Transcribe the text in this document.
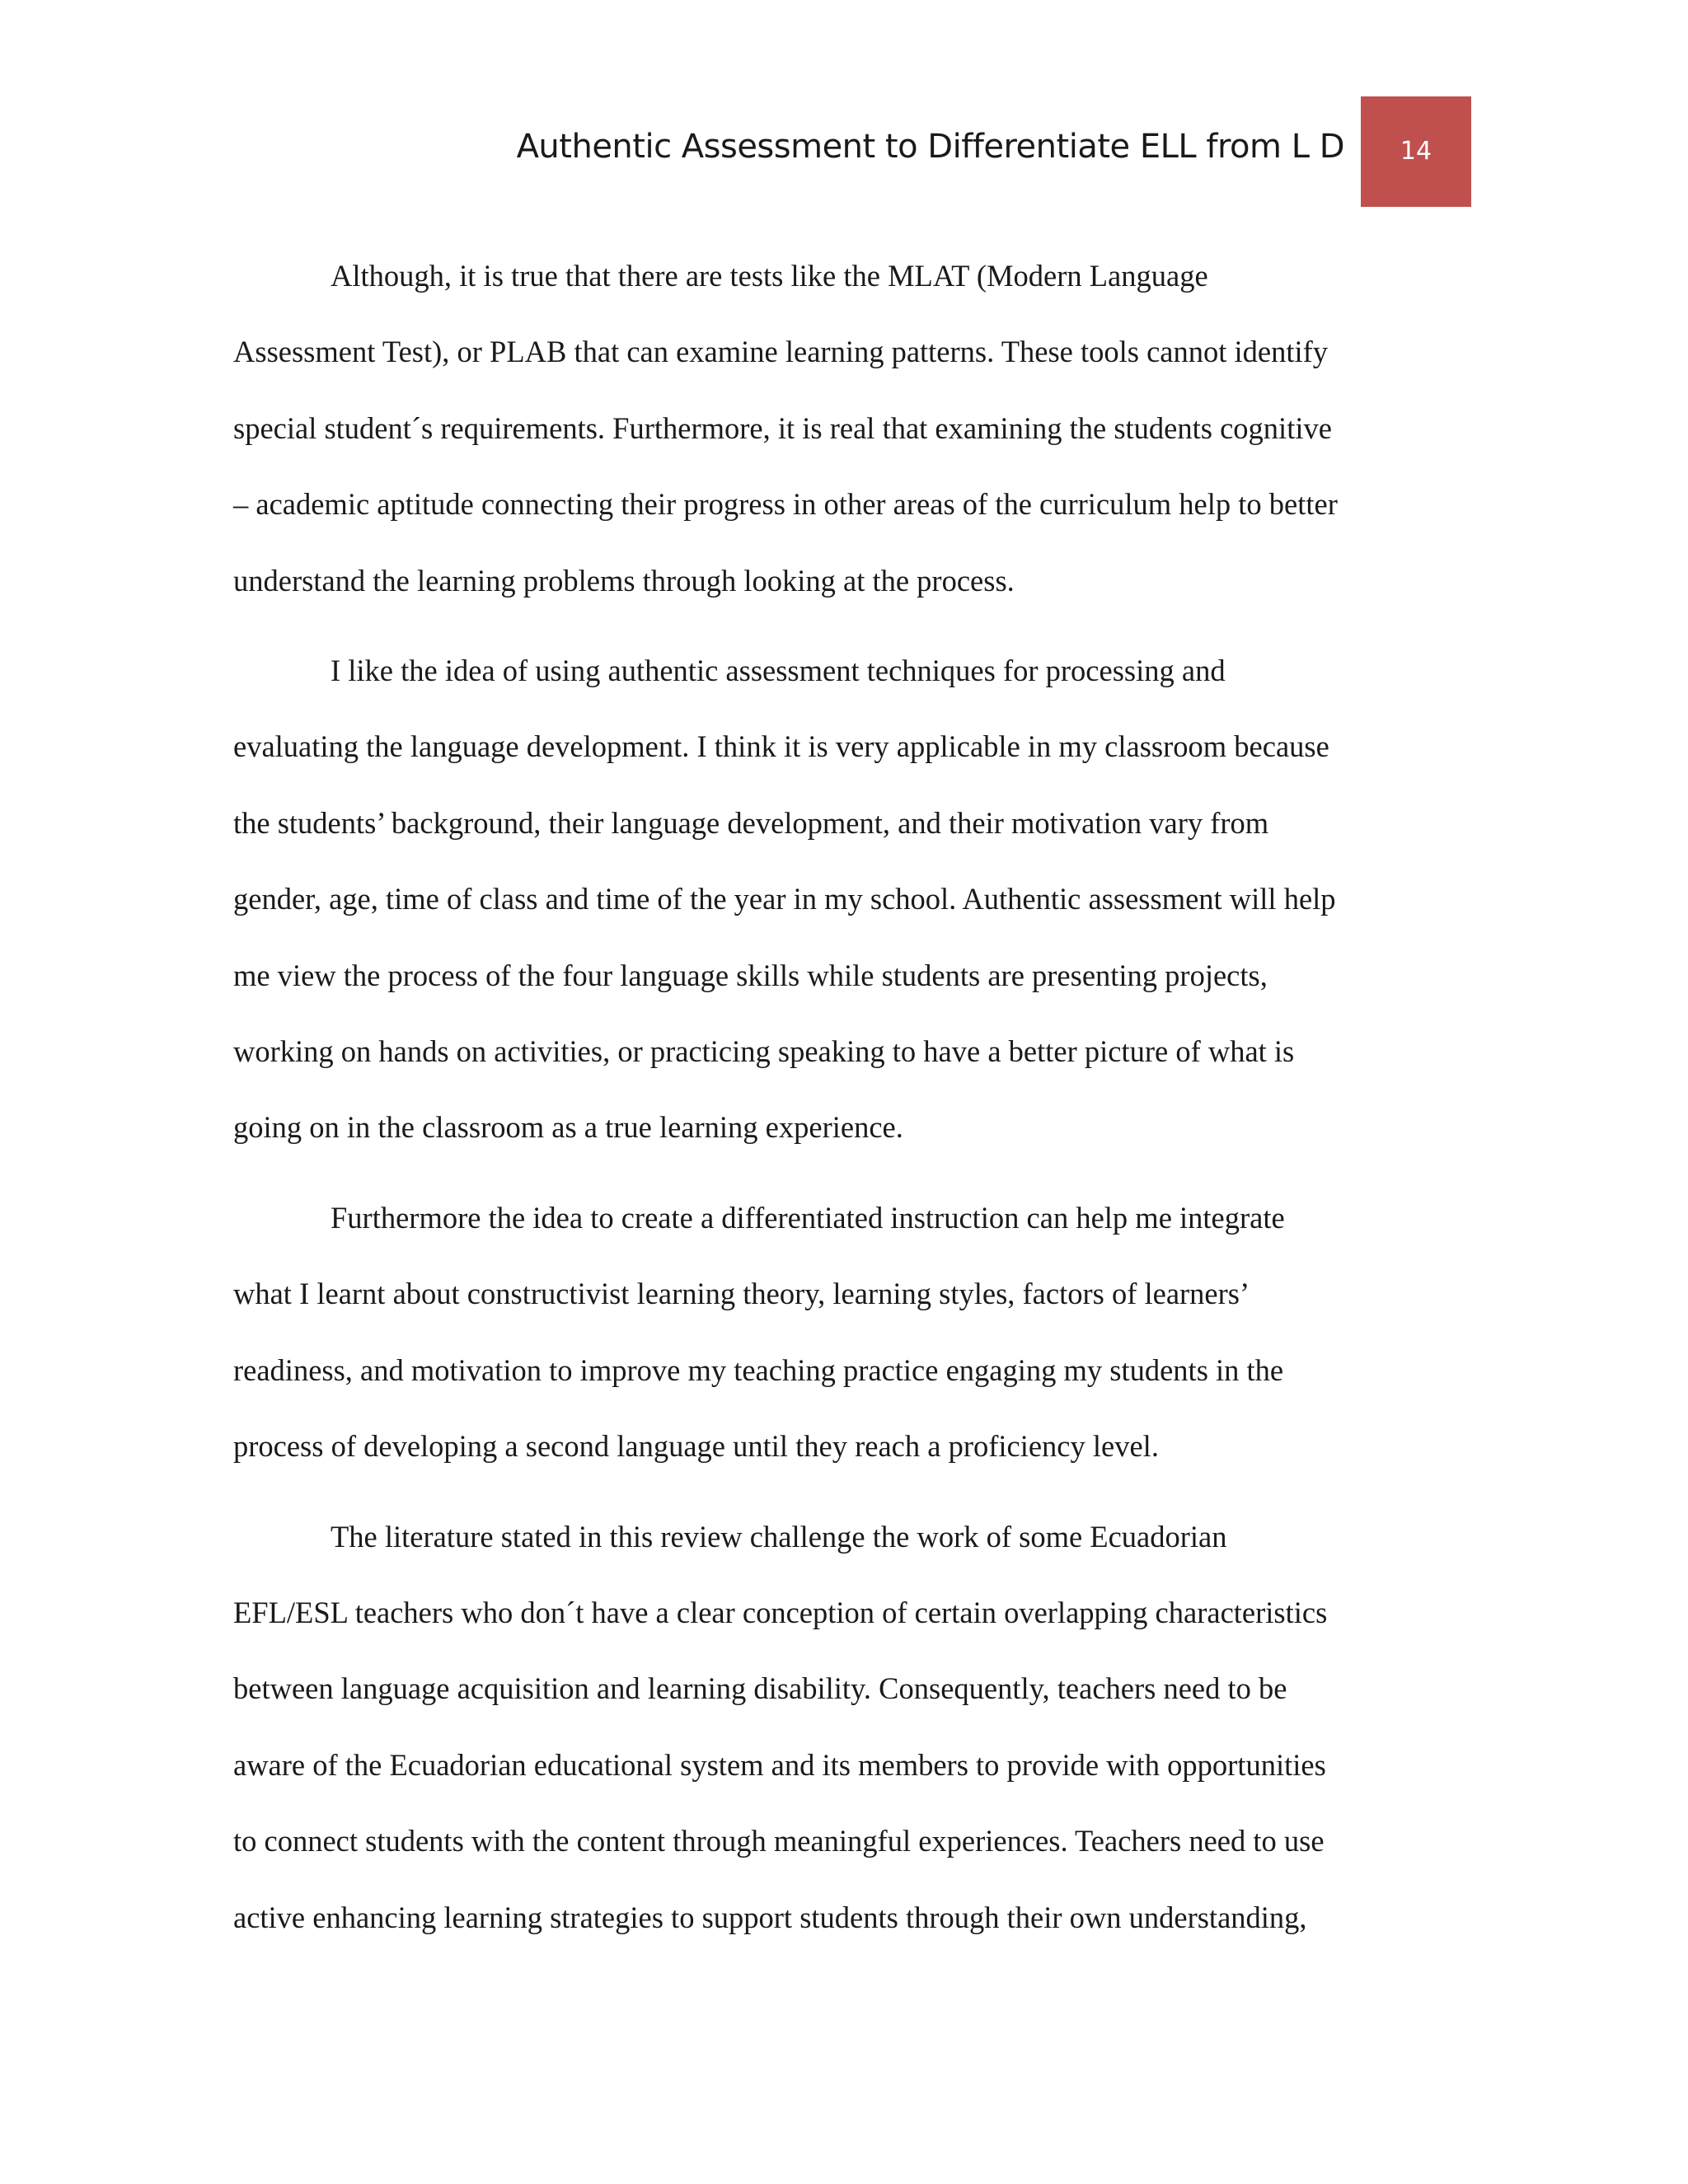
Authentic Assessment to Differentiate ELL from L D	14

Although, it is true that there are tests like the MLAT (Modern Language
Assessment Test), or PLAB that can examine learning patterns. These tools cannot identify
special student´s requirements. Furthermore, it is real that examining the students cognitive
– academic aptitude connecting their progress in other areas of the curriculum help to better
understand the learning problems through looking at the process.

I like the idea of using authentic assessment techniques for processing and
evaluating the language development. I think it is very applicable in my classroom because
the students’ background, their language development, and their motivation vary from
gender, age, time of class and time of the year in my school. Authentic assessment will help
me view the process of the four language skills while students are presenting projects,
working on hands on activities, or practicing speaking to have a better picture of what is
going on in the classroom as a true learning experience.

Furthermore the idea to create a differentiated instruction can help me integrate
what I learnt about constructivist learning theory, learning styles, factors of learners’
readiness, and motivation to improve my teaching practice engaging my students in the
process of developing a second language until they reach a proficiency level.

The literature stated in this review challenge the work of some Ecuadorian
EFL/ESL teachers who don´t have a clear conception of certain overlapping characteristics
between language acquisition and learning disability. Consequently, teachers need to be
aware of the Ecuadorian educational system and its members to provide with opportunities
to connect students with the content through meaningful experiences. Teachers need to use
active enhancing learning strategies to support students through their own understanding,
